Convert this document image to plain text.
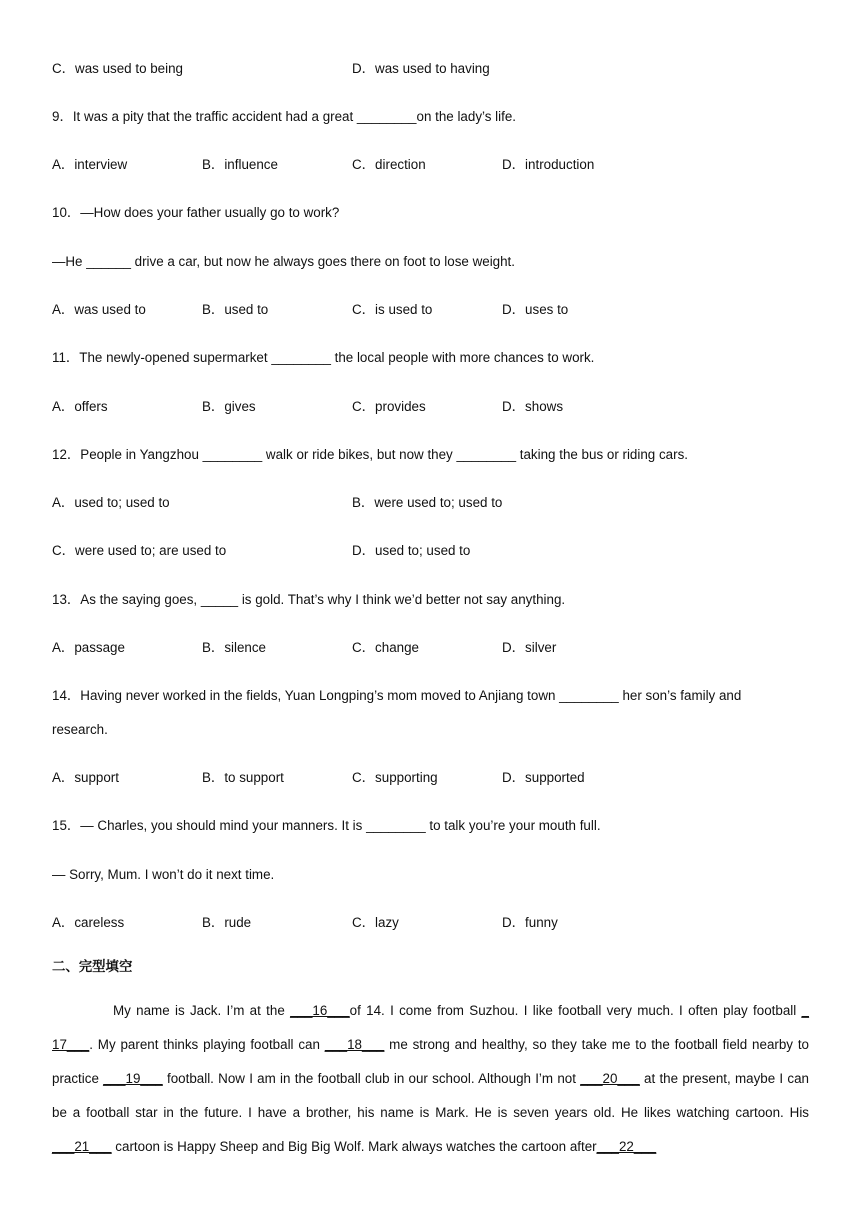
9．It was a pity that the traffic accident had a great ________on the lady’s life.
10．—How does your father usually go to work?
—He ______ drive a car, but now he always goes there on foot to lose weight.
11．The newly-opened supermarket ________ the local people with more chances to work.
12．People in Yangzhou ________ walk or ride bikes, but now they ________ taking the bus or riding cars.
13．As the saying goes, _____ is gold. That’s why I think we’d better not say anything.
14．Having never worked in the fields, Yuan Longping’s mom moved to Anjiang town ________ her son’s family and
research.
15．— Charles, you should mind your manners. It is ________ to talk you’re your mouth full.
— Sorry, Mum. I won’t do it next time.
C．was used to being	D．was used to having
A．interview	B．influence	C．direction	D．introduction
A．was used to	B．used to	C．is used to	D．uses to
A．offers	B．gives	C．provides	D．shows
A．used to; used to	B．were used to; used to
C．were used to; are used to	D．used to; used to
A．passage	B．silence	C．change	D．silver
A．support	B．to support	C．supporting	D．supported
A．careless	B．rude	C．lazy	D．funny
二、完型填空

My name is Jack. I’m at the ___16___of 14. I come from Suzhou. I like football very much. I often play football _ 17___. My parent thinks playing football can ___18___ me strong and healthy, so they take me to the football field nearby to practice ___19___ football. Now I am in the football club in our school. Although I’m not ___20___ at the present, maybe I can be a football star in the future. I have a brother, his name is Mark. He is seven years old. He likes watching cartoon. His ___21___ cartoon is Happy Sheep and Big Big Wolf. Mark always watches the cartoon after___22___
